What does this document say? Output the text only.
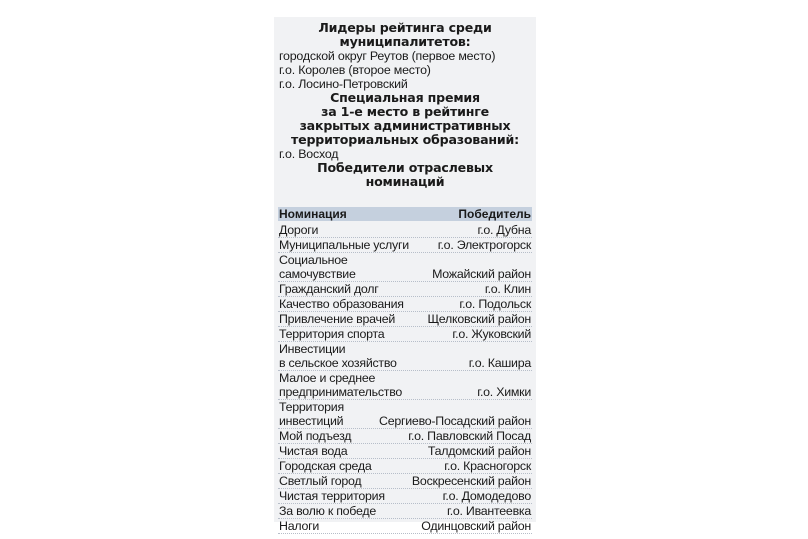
Лидеры рейтинга среди
муниципалитетов:
городской округ Реутов (первое место)
г.о. Королев (второе место)
г.о. Лосино-Петровский
Специальная премия
за 1-е место в рейтинге
закрытых административных
территориальных образований:
г.о. Восход
Победители отраслевых
номинаций
Номинация	Победитель
Дороги	г.о. Дубна
Муниципальные услуги	г.о. Электрогорск
Социальное
самочувствие	Можайский район
Гражданский долг	г.о. Клин
Качество образования	г.о. Подольск
Привлечение врачей	Щелковский район
Территория спорта	г.о. Жуковский
Инвестиции
в сельское хозяйство	г.о. Кашира
Малое и среднее
предпринимательство	г.о. Химки
Территория
инвестиций	Сергиево-Посадский район
Мой подъезд	г.о. Павловский Посад
Чистая вода	Талдомский район
Городская среда	г.о. Красногорск
Светлый город	Воскресенский район
Чистая территория	г.о. Домодедово
За волю к победе	г.о. Ивантеевка
Налоги	Одинцовский район
